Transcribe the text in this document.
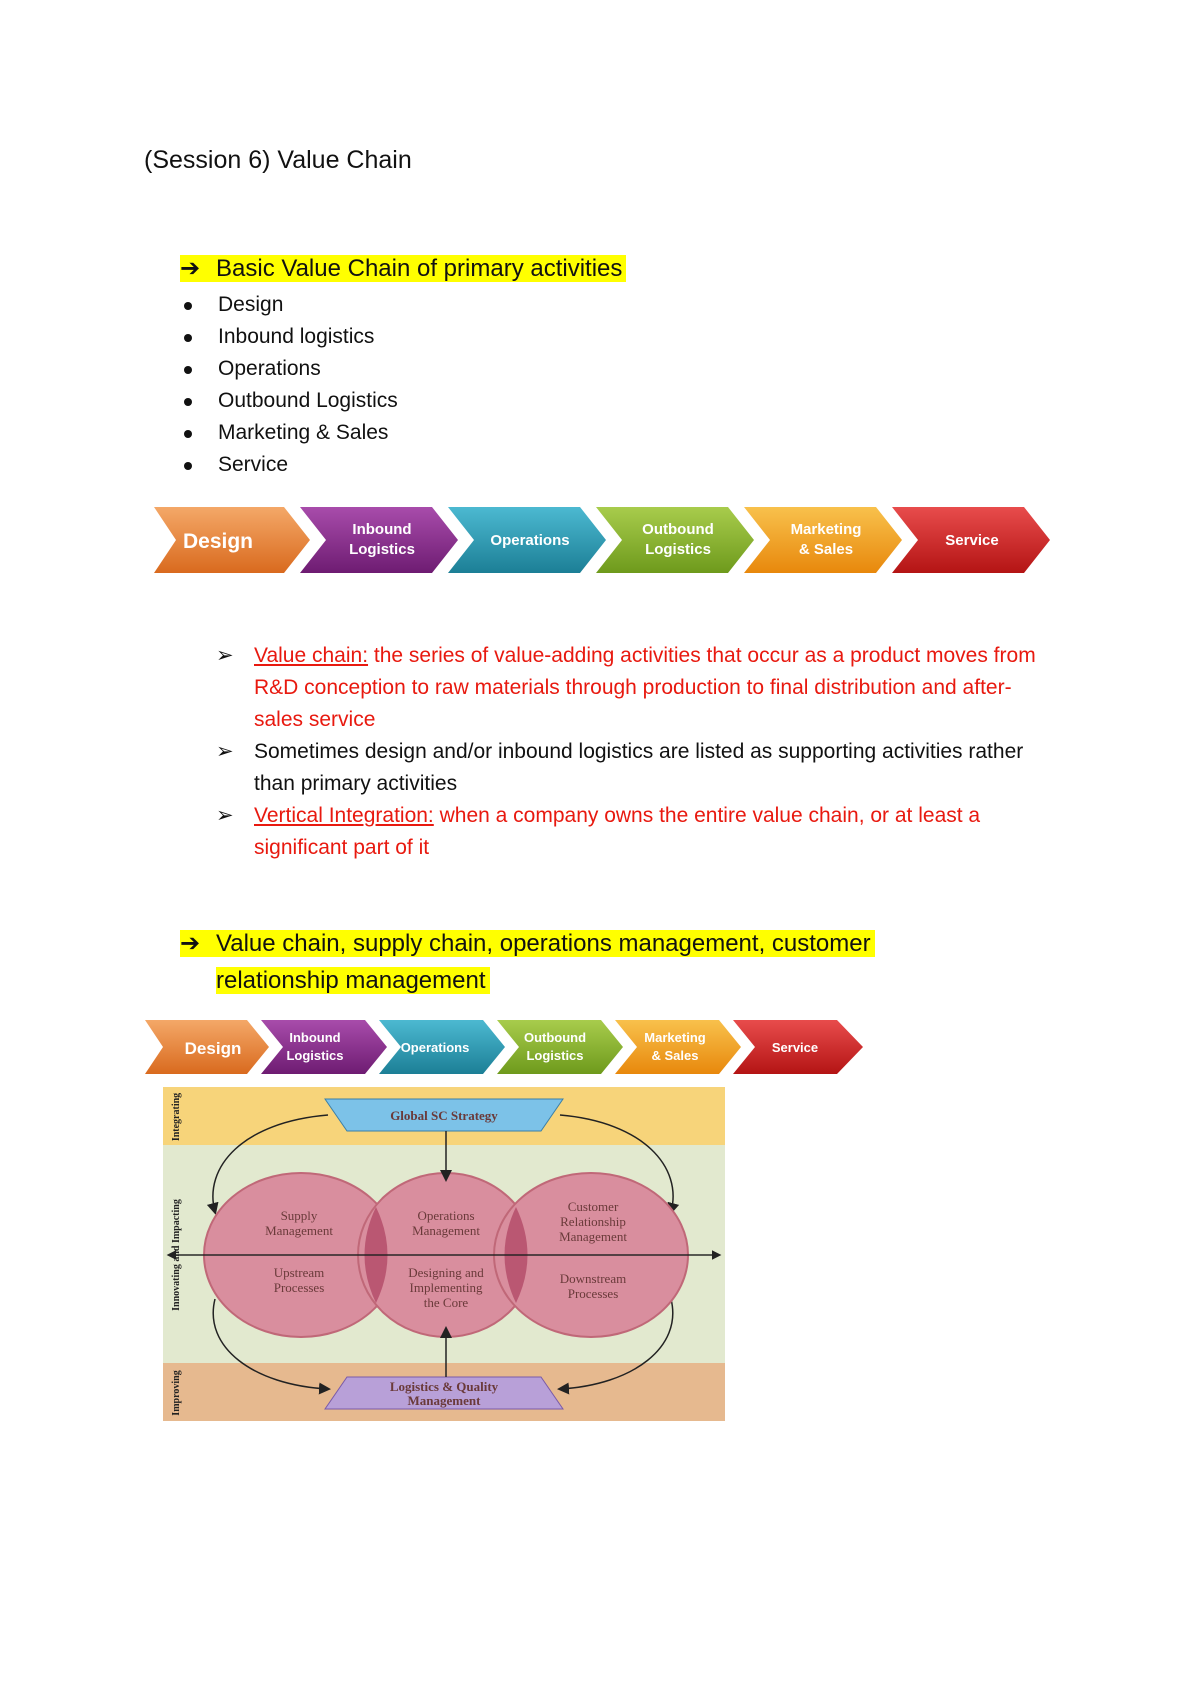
(Session 6) Value Chain
➔ Basic Value Chain of primary activities
Design
Inbound logistics
Operations
Outbound Logistics
Marketing & Sales
Service
Design
Inbound
Logistics
Operations
Outbound
Logistics
Marketing
& Sales
Service
➢ Value chain: the series of value-adding activities that occur as a product moves from R&D conception to raw materials through production to final distribution and after-sales service
➢ Sometimes design and/or inbound logistics are listed as supporting activities rather than primary activities
➢ Vertical Integration: when a company owns the entire value chain, or at least a significant part of it
➔ Value chain, supply chain, operations management, customer
relationship management
Design
Inbound
Logistics
Operations
Outbound
Logistics
Marketing
& Sales
Service
Integrating
Innovating and Impacting
Improving
Global SC Strategy
Logistics & Quality
Management
Supply
Management
Upstream
Processes
Operations
Management
Designing and
Implementing
the Core
Customer
Relationship
Management
Downstream
Processes
